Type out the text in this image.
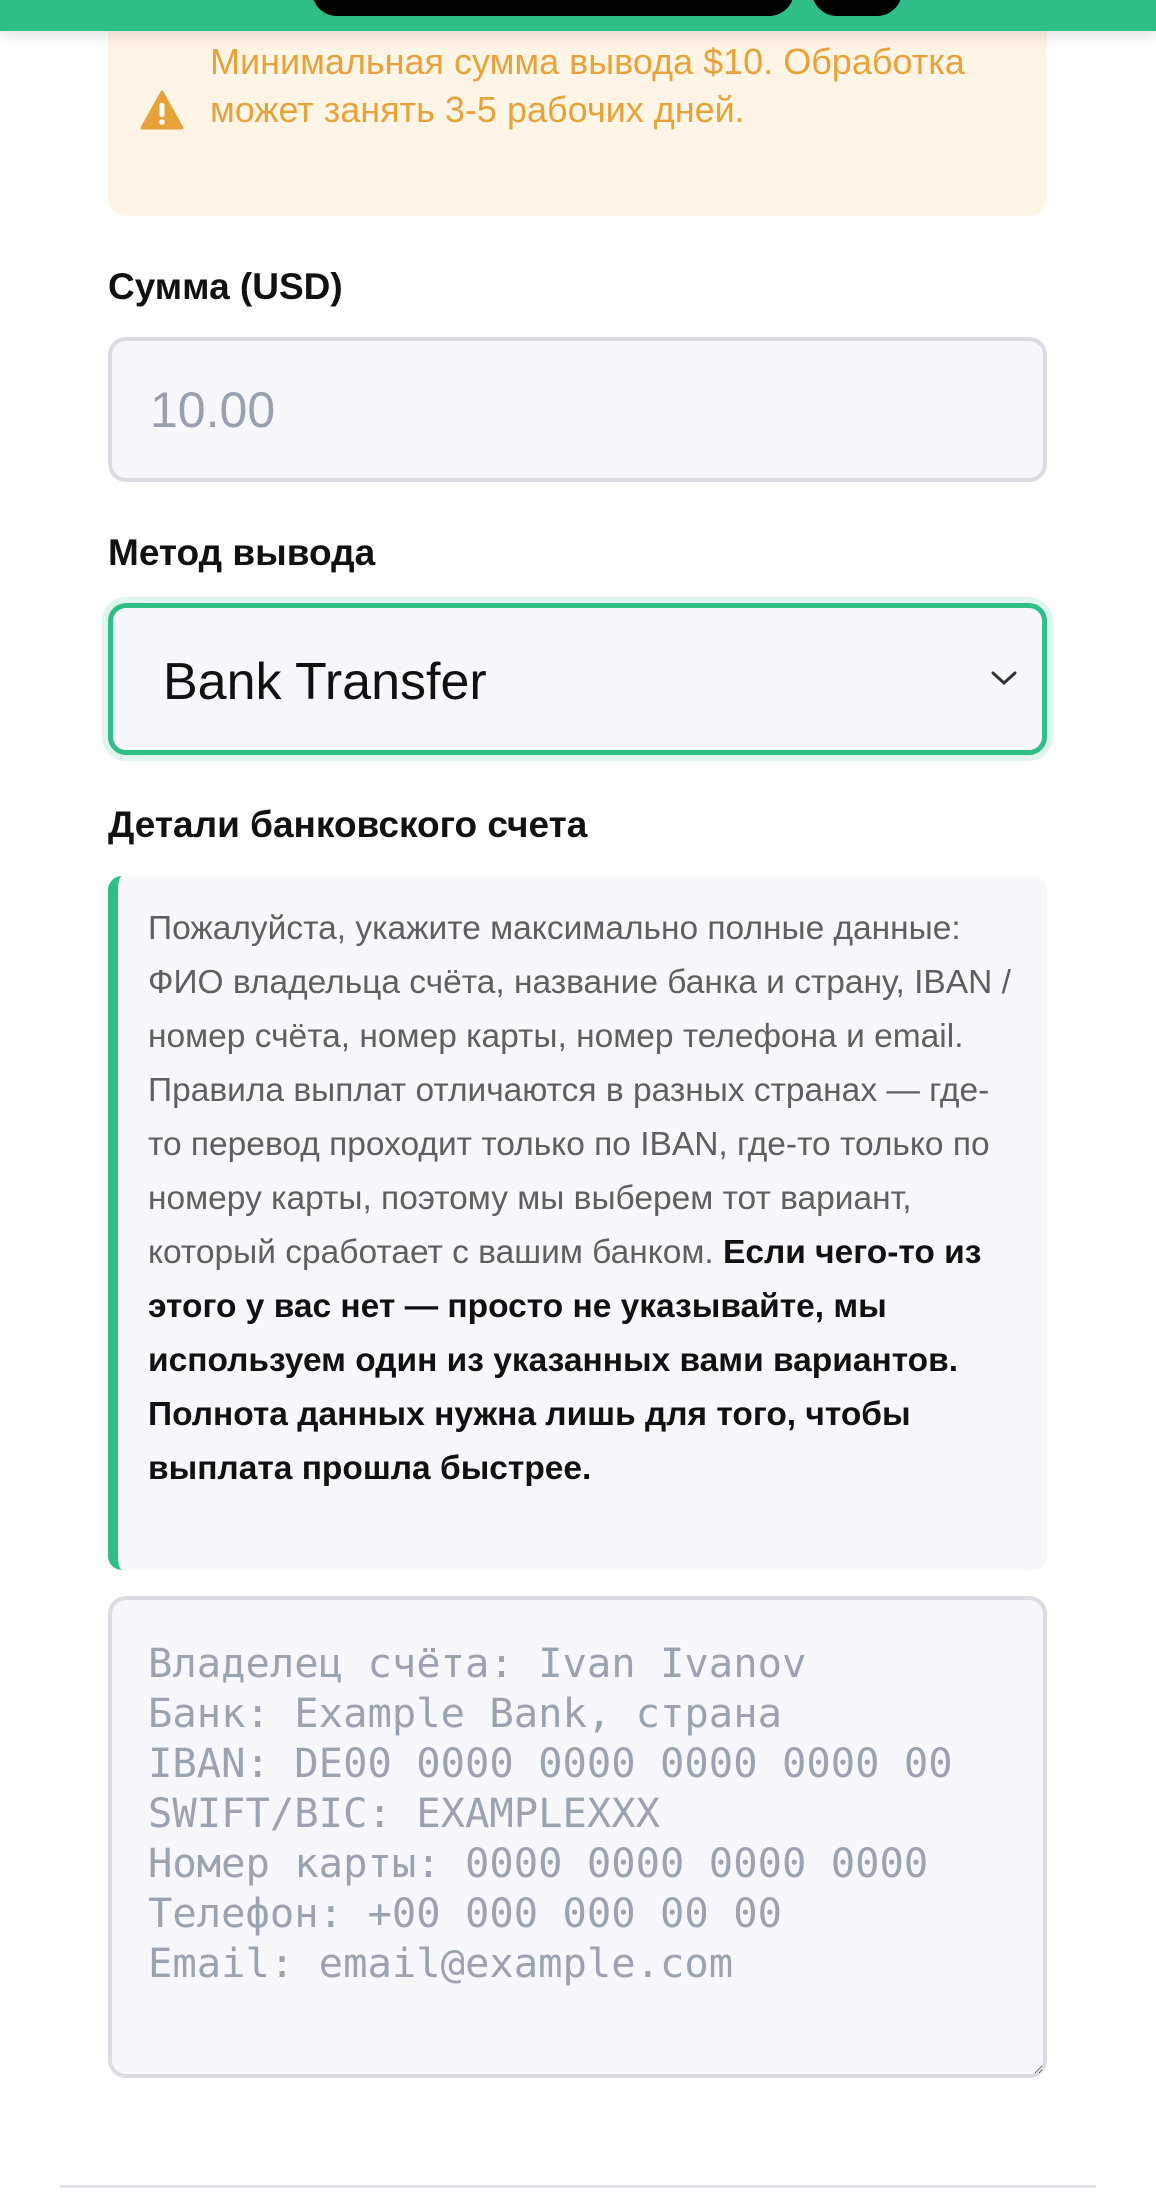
Минимальная сумма вывода $10. Обработка может занять 3-5 рабочих дней.
Сумма (USD)
10.00
Метод вывода
Bank Transfer
Детали банковского счета
Пожалуйста, укажите максимально полные данные: ФИО владельца счёта, название банка и страну, IBAN / номер счёта, номер карты, номер телефона и email. Правила выплат отличаются в разных странах — где-то перевод проходит только по IBAN, где-то только по номеру карты, поэтому мы выберем тот вариант, который сработает с вашим банком. Если чего-то из этого у вас нет — просто не указывайте, мы используем один из указанных вами вариантов. Полнота данных нужна лишь для того, чтобы выплата прошла быстрее.
Владелец счёта: Ivan Ivanov Банк: Example Bank, страна IBAN: DE00 0000 0000 0000 0000 00 SWIFT/BIC: EXAMPLEXXX Номер карты: 0000 0000 0000 0000 Телефон: +00 000 000 00 00 Email: email@example.com
